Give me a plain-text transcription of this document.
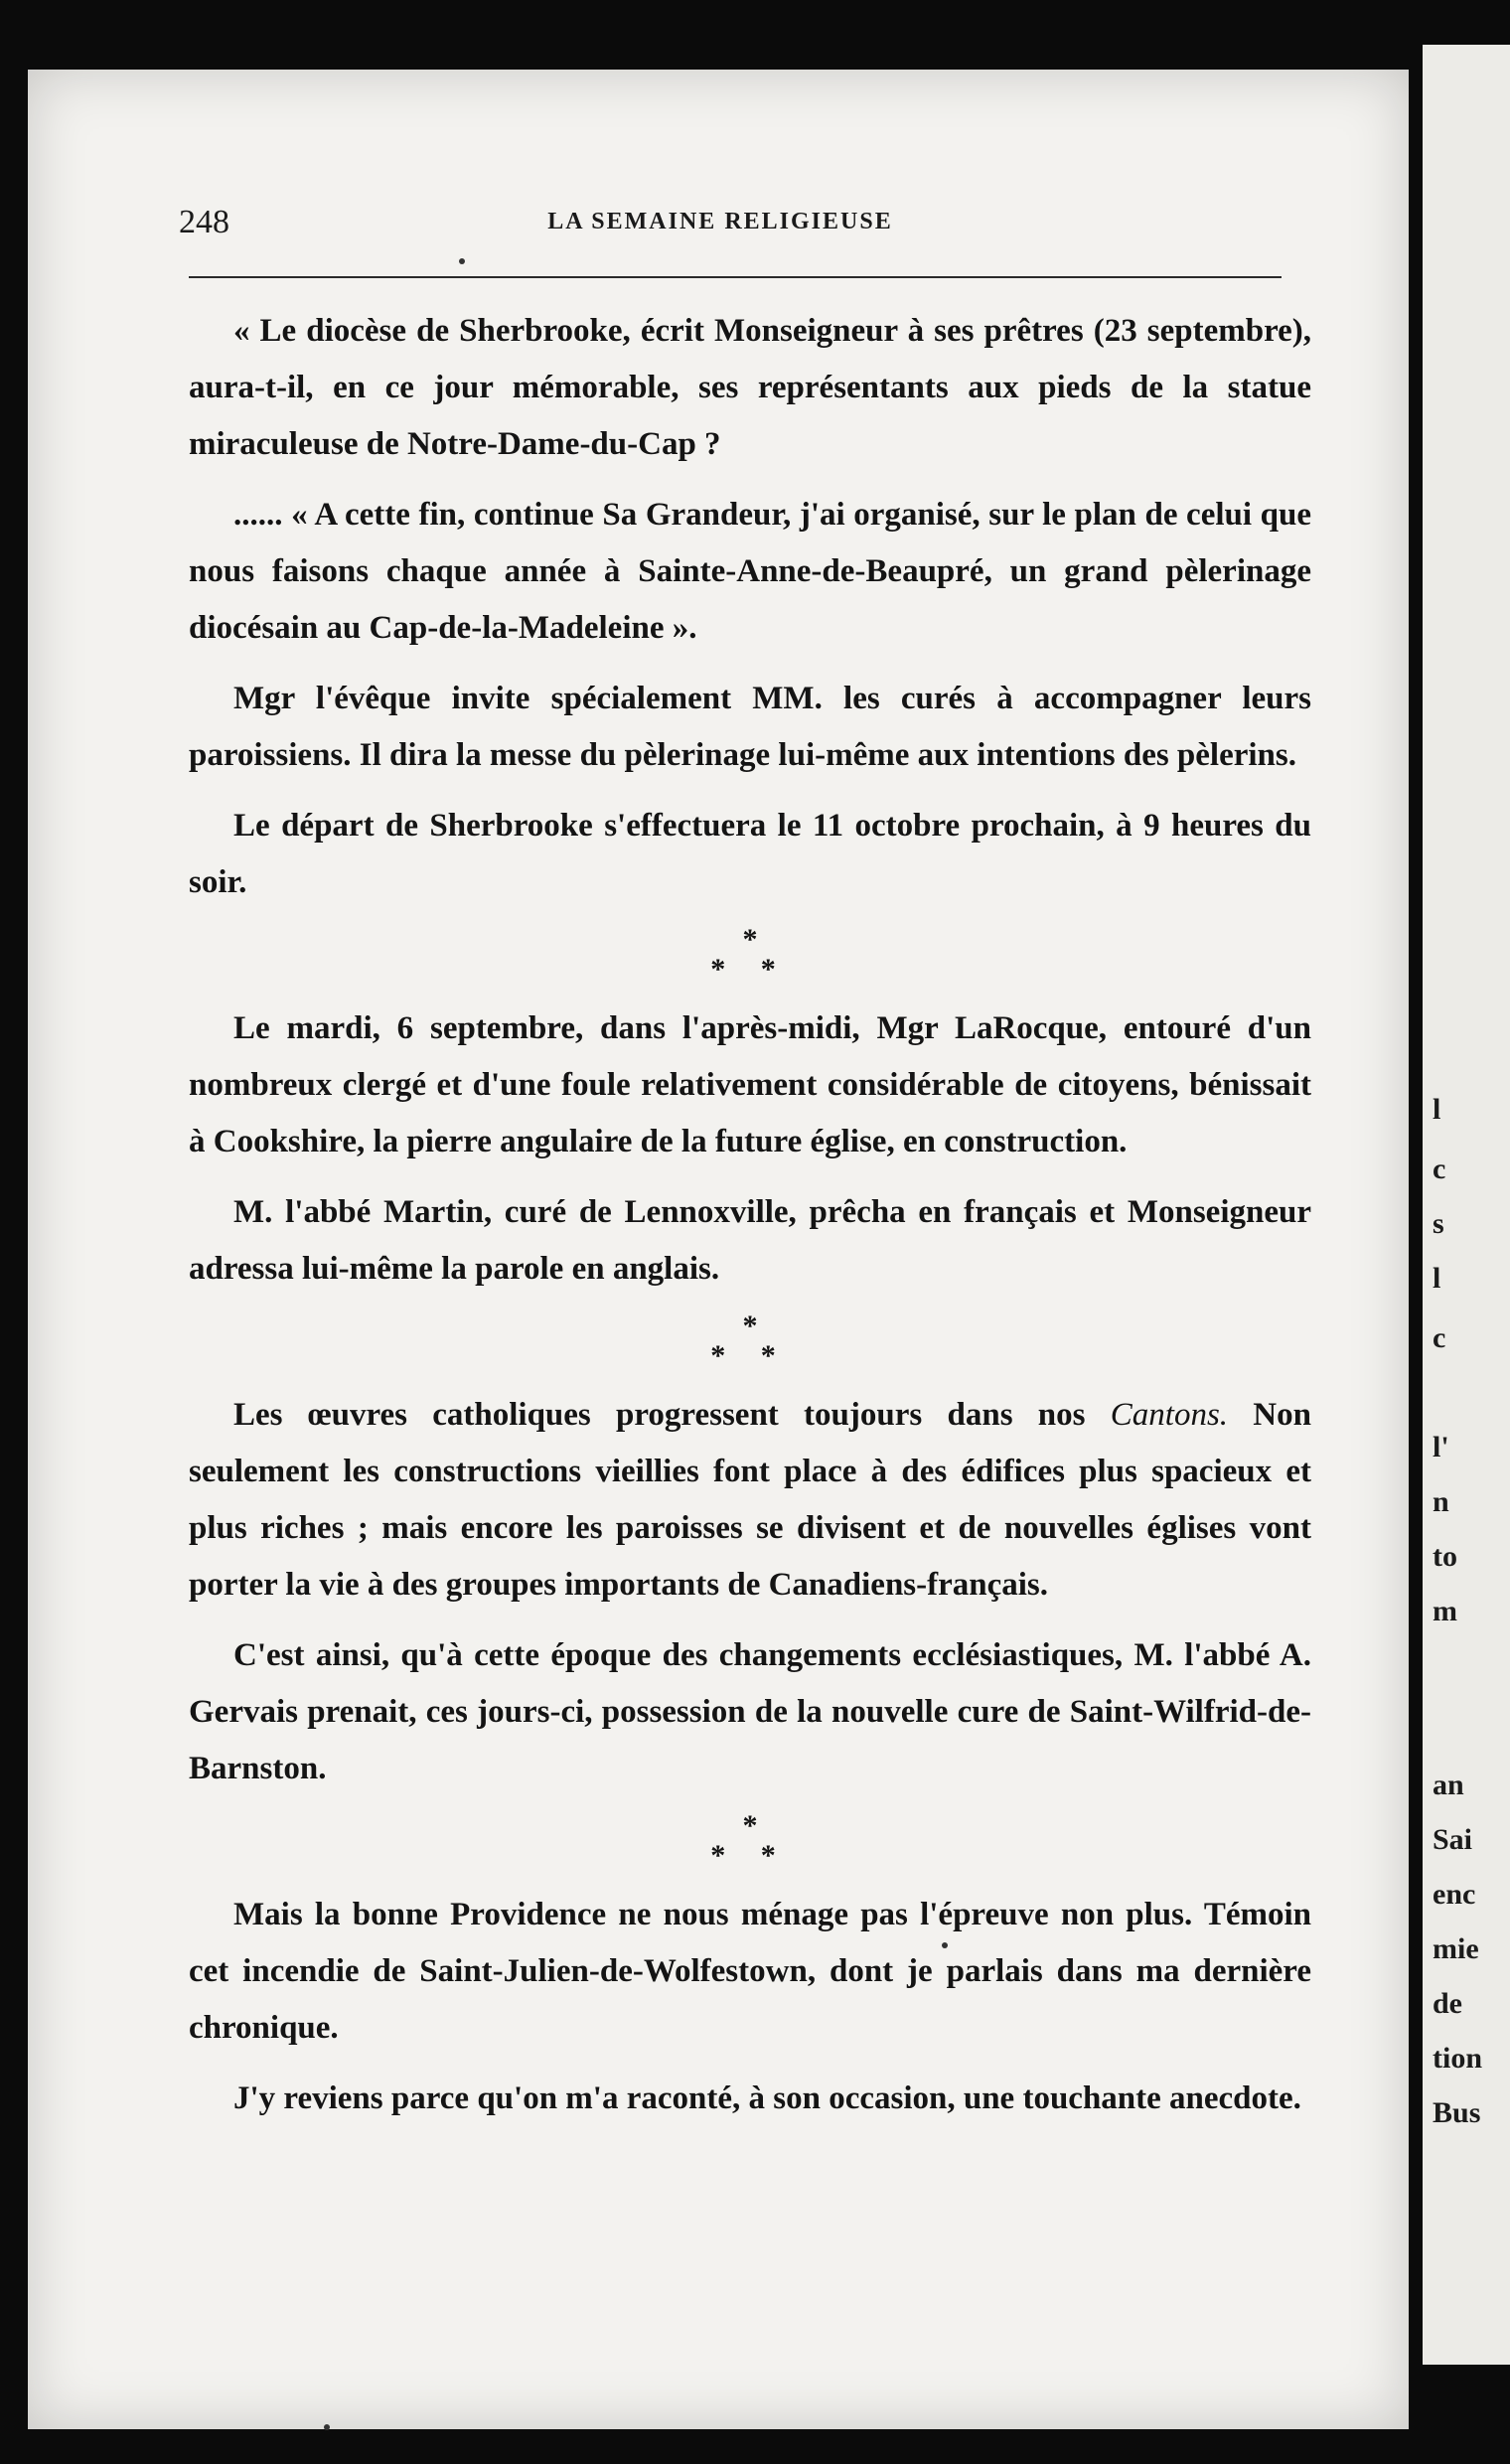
l
c
s
l
c
l'
n
to
m
an
Sai
enc
mie
de
tion
Bus
248	LA SEMAINE RELIGIEUSE

« Le diocèse de Sherbrooke, écrit Monseigneur à ses prêtres (23 septembre), aura-t-il, en ce jour mémorable, ses représentants aux pieds de la statue miraculeuse de Notre-Dame-du-Cap ?

...... « A cette fin, continue Sa Grandeur, j'ai organisé, sur le plan de celui que nous faisons chaque année à Sainte-Anne-de-Beaupré, un grand pèlerinage diocésain au Cap-de-la-Madeleine ».

Mgr l'évêque invite spécialement MM. les curés à accompagner leurs paroissiens. Il dira la messe du pèlerinage lui-même aux intentions des pèlerins.

Le départ de Sherbrooke s'effectuera le 11 octobre prochain, à 9 heures du soir.

*
* *

Le mardi, 6 septembre, dans l'après-midi, Mgr LaRocque, entouré d'un nombreux clergé et d'une foule relativement considérable de citoyens, bénissait à Cookshire, la pierre angulaire de la future église, en construction.

M. l'abbé Martin, curé de Lennoxville, prêcha en français et Monseigneur adressa lui-même la parole en anglais.

*
* *

Les œuvres catholiques progressent toujours dans nos Cantons. Non seulement les constructions vieillies font place à des édifices plus spacieux et plus riches ; mais encore les paroisses se divisent et de nouvelles églises vont porter la vie à des groupes importants de Canadiens-français.

C'est ainsi, qu'à cette époque des changements ecclésiastiques, M. l'abbé A. Gervais prenait, ces jours-ci, possession de la nouvelle cure de Saint-Wilfrid-de-Barnston.

*
* *

Mais la bonne Providence ne nous ménage pas l'épreuve non plus. Témoin cet incendie de Saint-Julien-de-Wolfestown, dont je parlais dans ma dernière chronique.

J'y reviens parce qu'on m'a raconté, à son occasion, une touchante anecdote.
